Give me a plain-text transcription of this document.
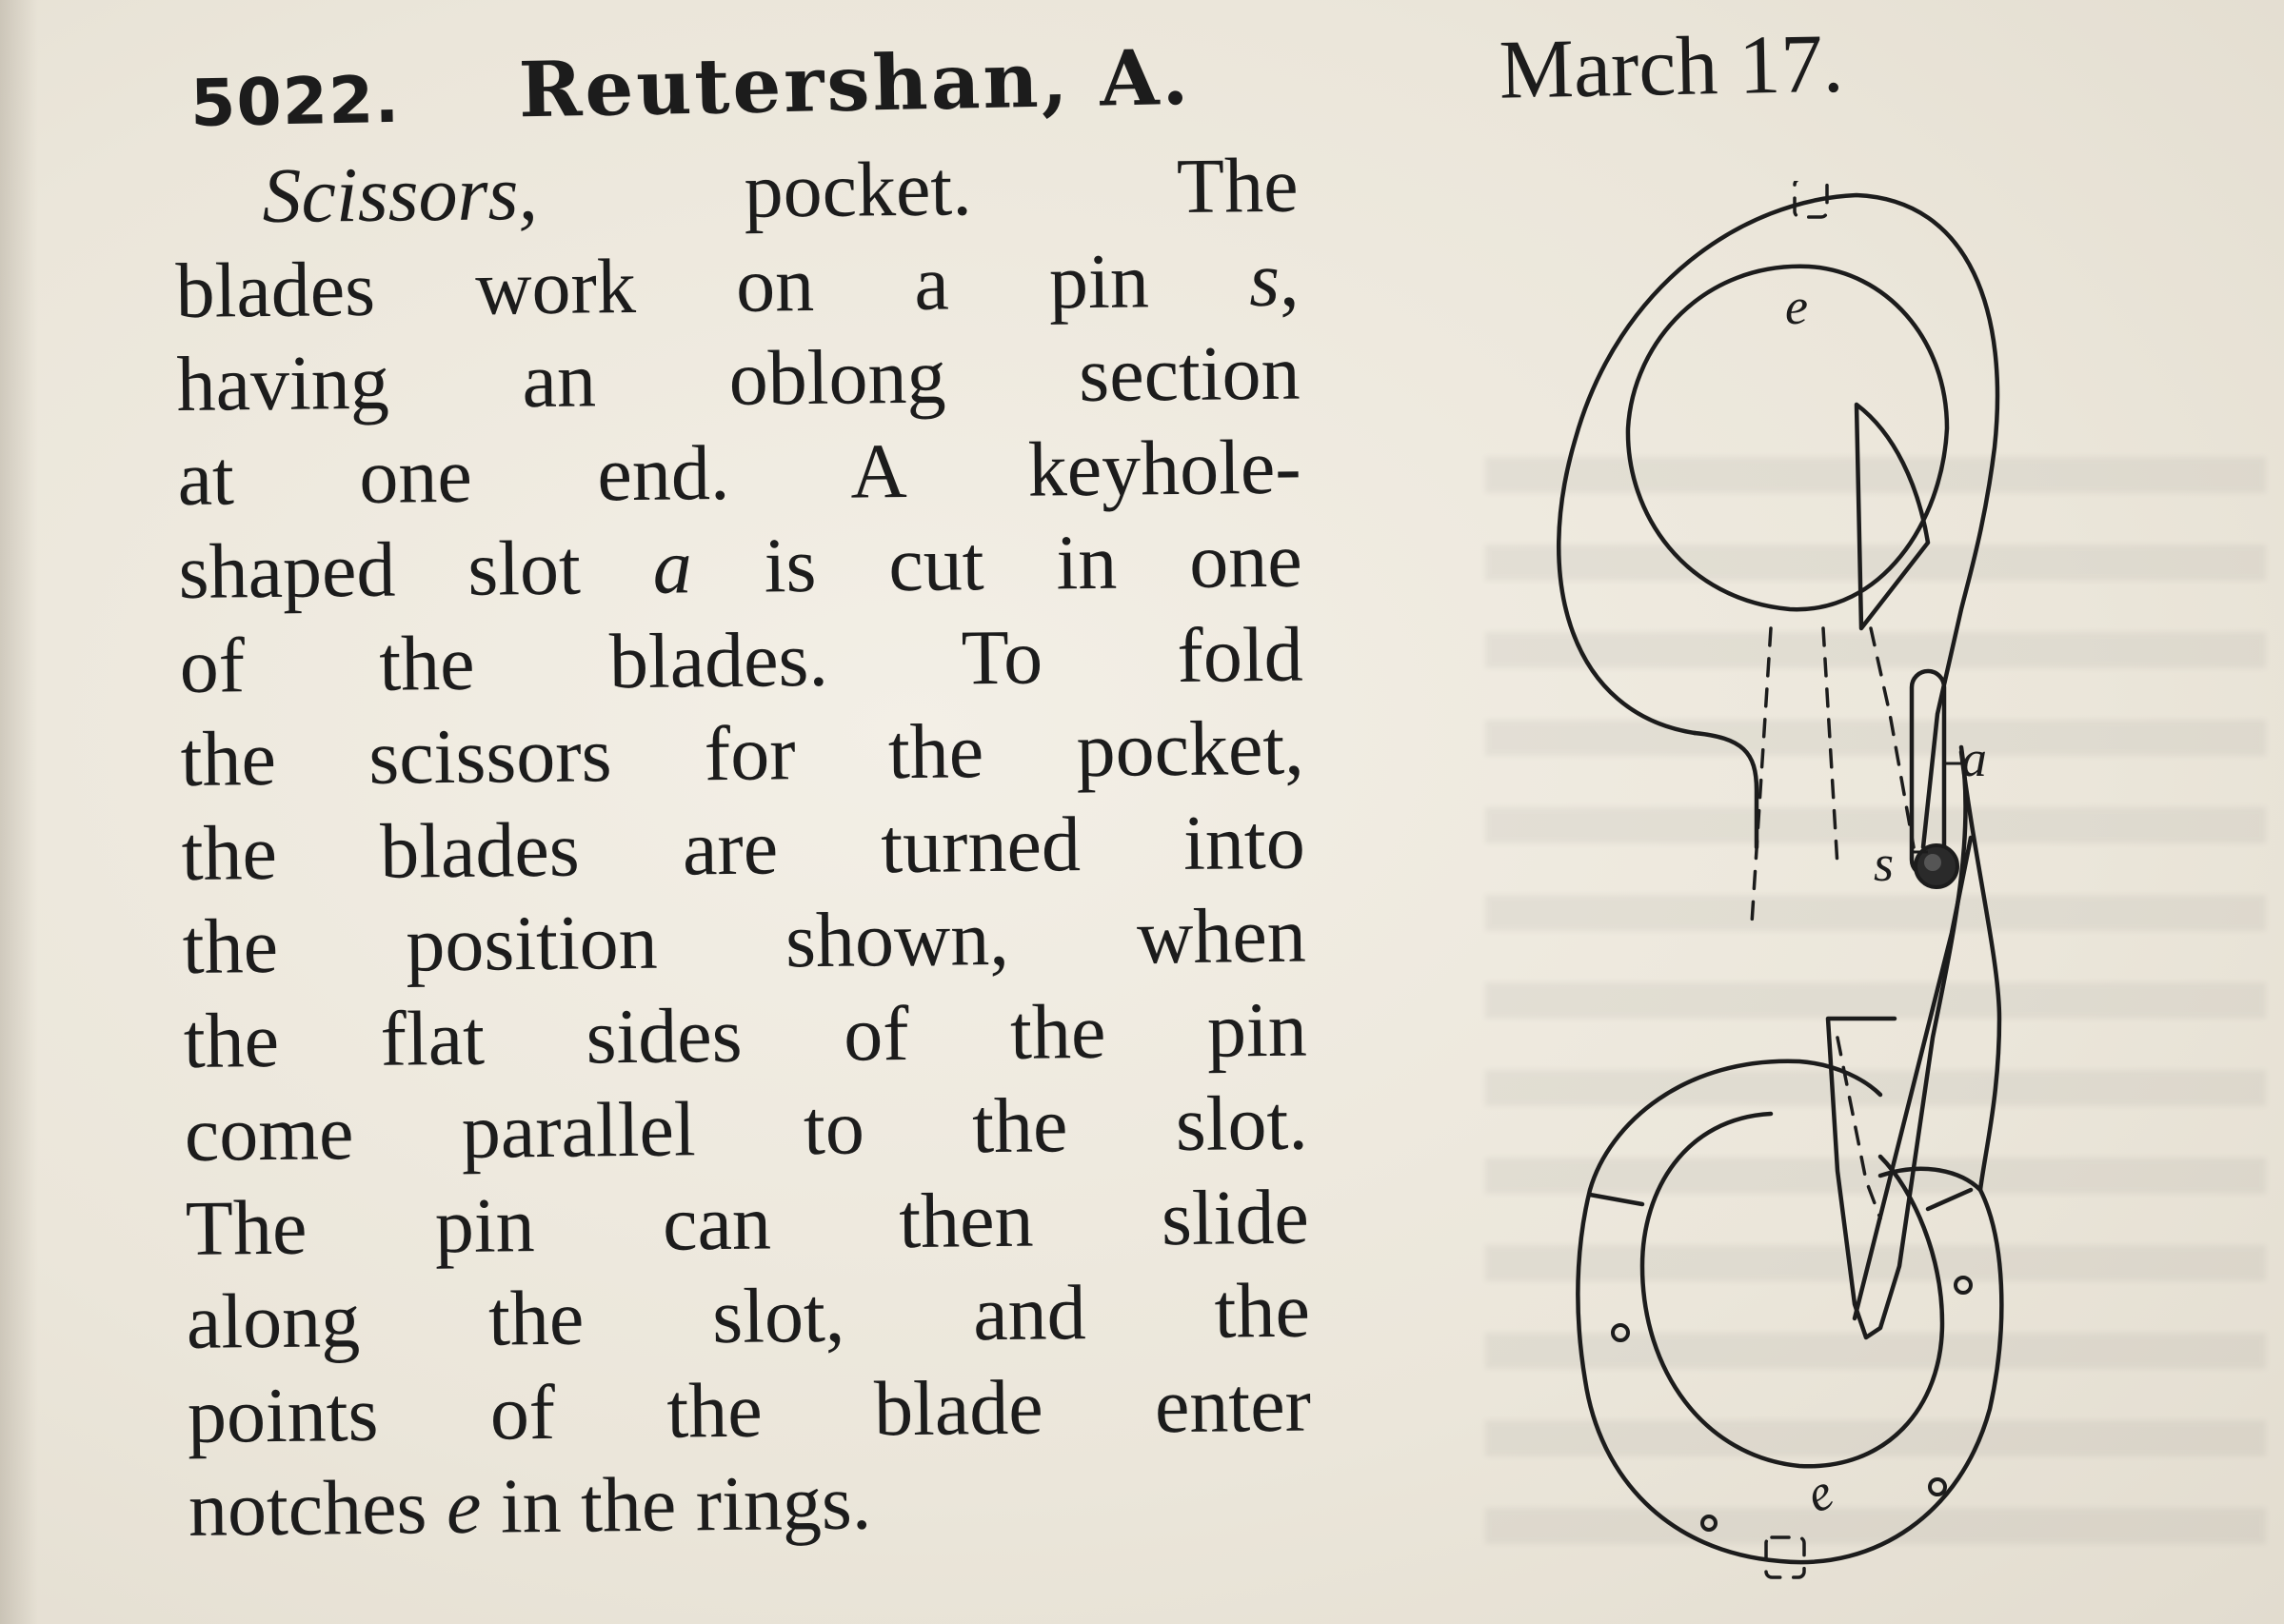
5022. Reutershan, A.	March 17.
Scissors, pocket. The
blades work on a pin s,
having an oblong section
at one end. A keyhole-
shaped slot a is cut in one
of the blades. To fold
the scissors for the pocket,
the blades are turned into
the position shown, when
the flat sides of the pin
come parallel to the slot.
The pin can then slide
along the slot, and the
points of the blade enter
notches e in the rings.
e
a
s
e
